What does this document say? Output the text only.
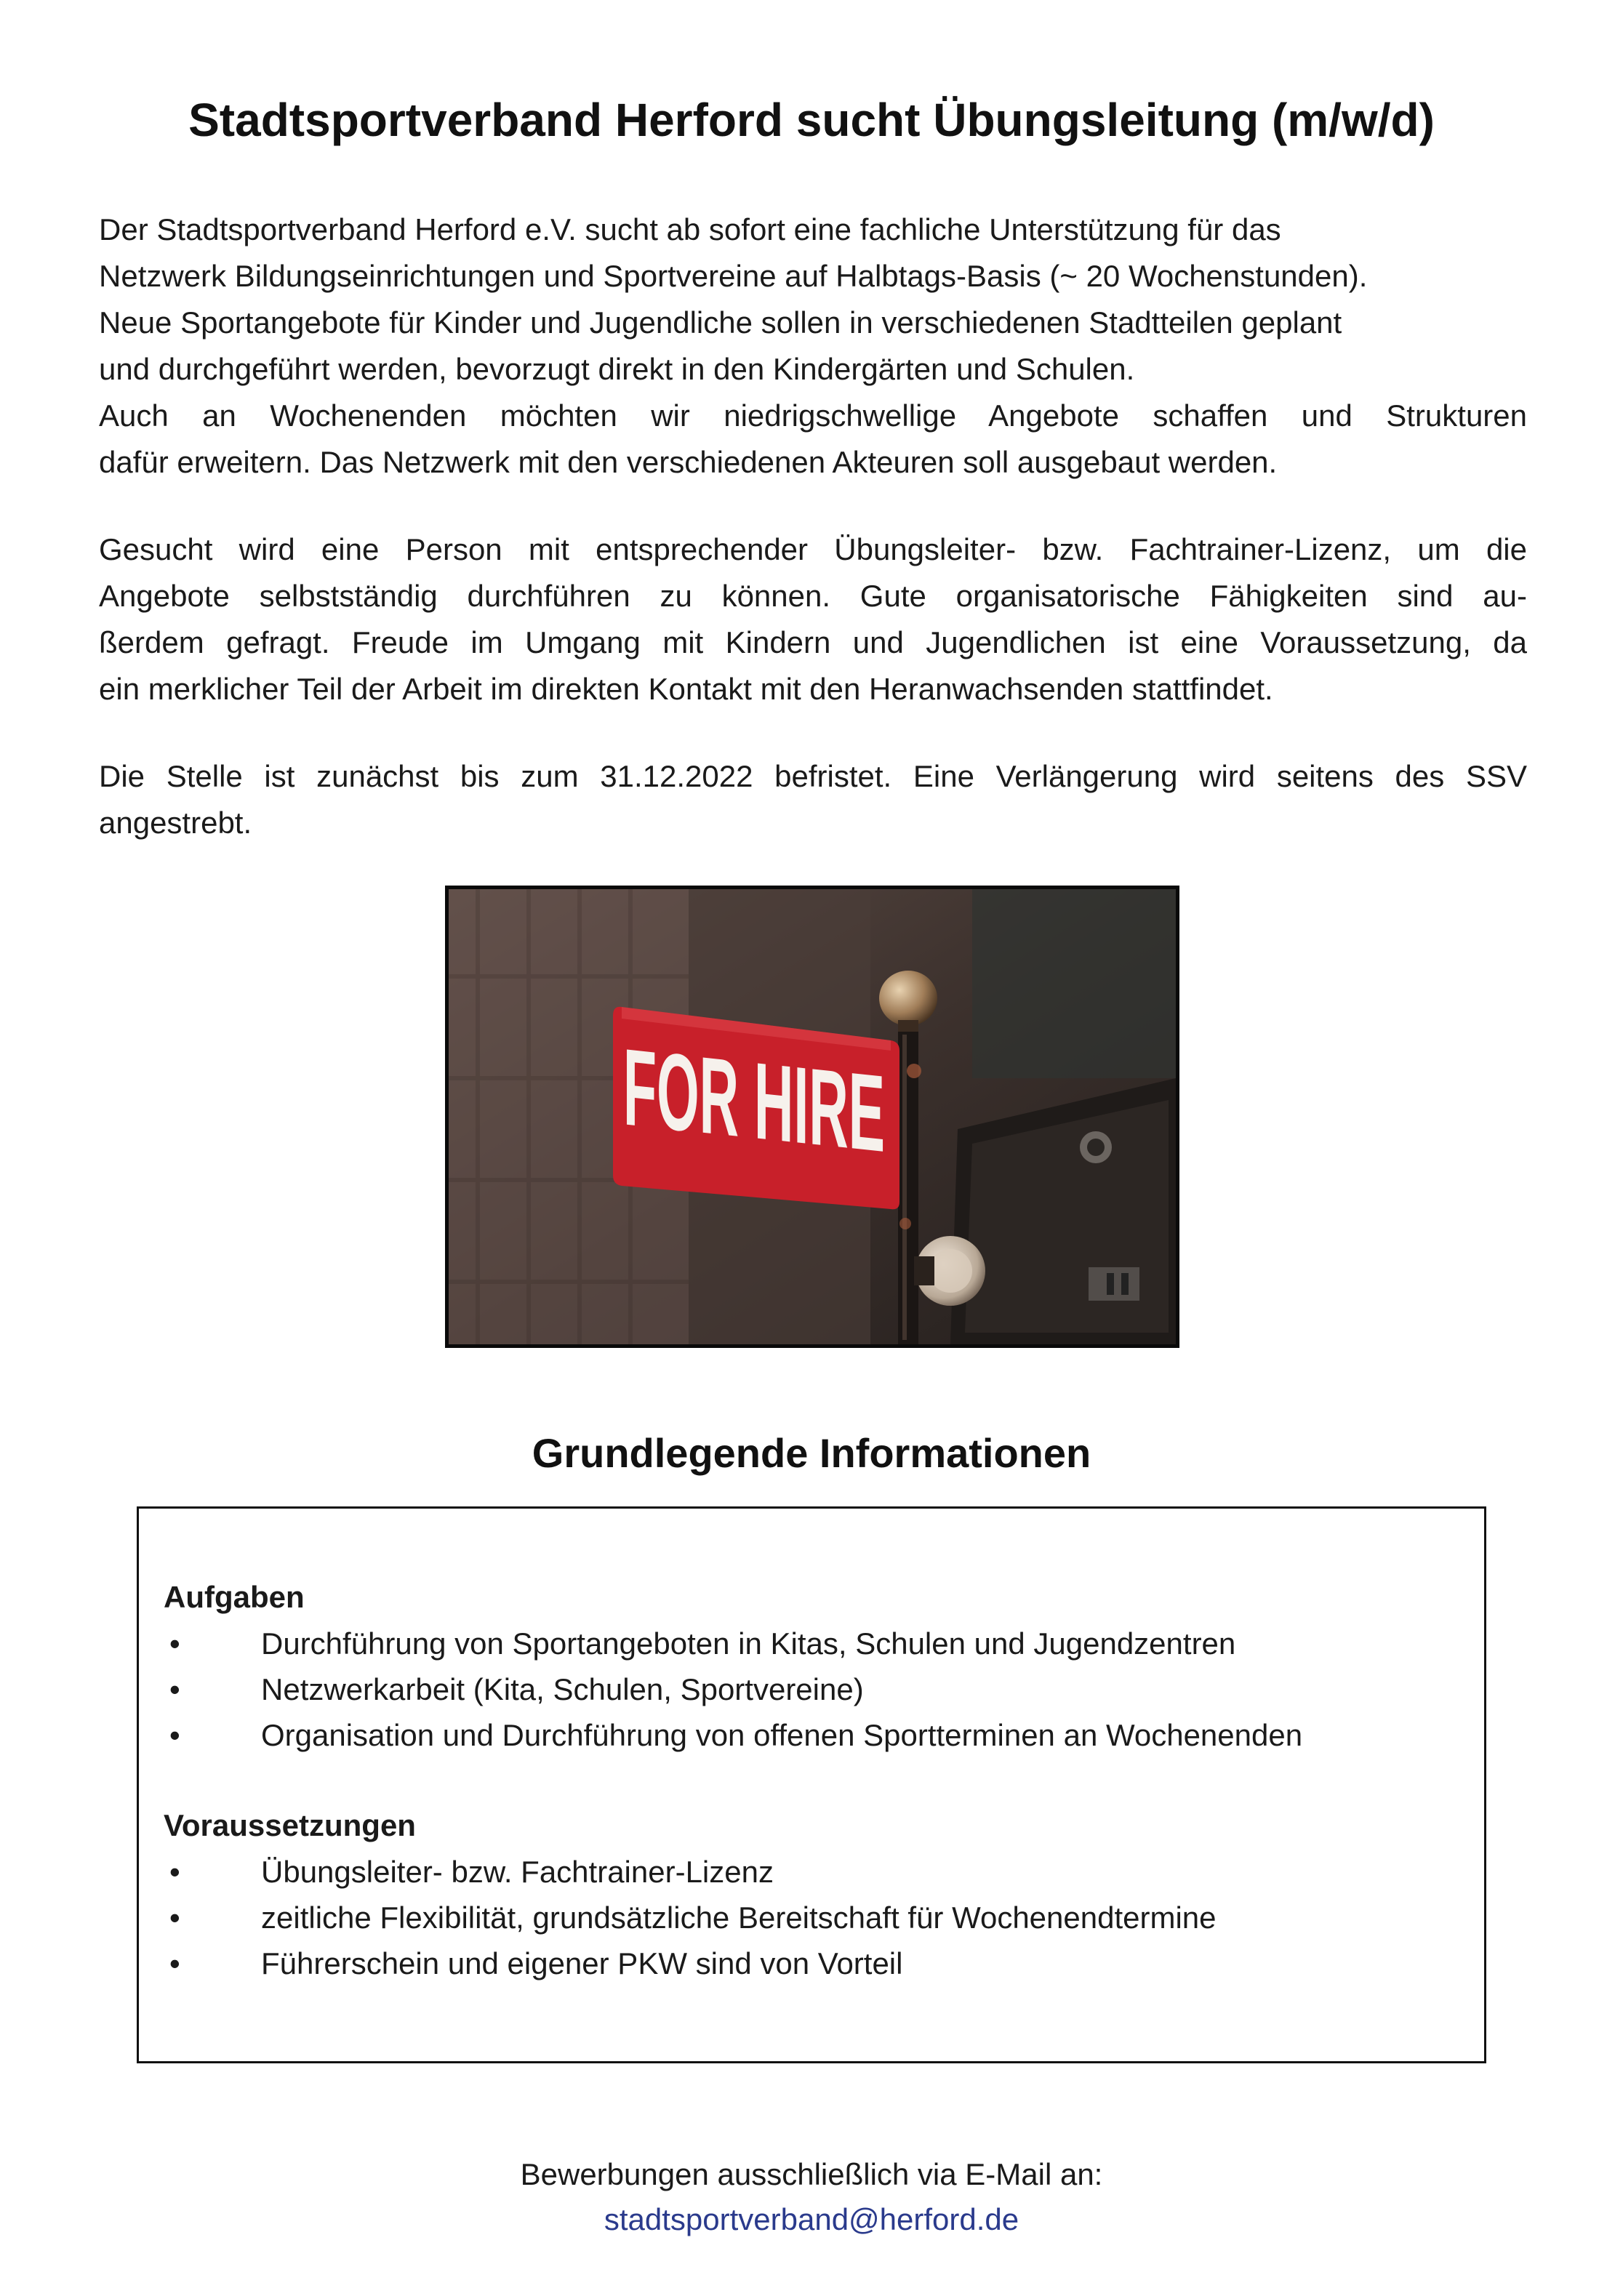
Stadtsportverband Herford sucht Übungsleitung (m/w/d)

Der Stadtsportverband Herford e.V. sucht ab sofort eine fachliche Unterstützung für das

Netzwerk Bildungseinrichtungen und Sportvereine auf Halbtags-Basis (~ 20 Wochenstunden).

Neue Sportangebote für Kinder und Jugendliche sollen in verschiedenen Stadtteilen geplant

und durchgeführt werden, bevorzugt direkt in den Kindergärten und Schulen.

Auch an Wochenenden möchten wir niedrigschwellige Angebote schaffen und Strukturen

dafür erweitern. Das Netzwerk mit den verschiedenen Akteuren soll ausgebaut werden.

Gesucht wird eine Person mit entsprechender Übungsleiter- bzw. Fachtrainer-Lizenz, um die

Angebote selbstständig durchführen zu können. Gute organisatorische Fähigkeiten sind au-

ßerdem gefragt. Freude im Umgang mit Kindern und Jugendlichen ist eine Voraussetzung, da

ein merklicher Teil der Arbeit im direkten Kontakt mit den Heranwachsenden stattfindet.

Die Stelle ist zunächst bis zum 31.12.2022 befristet. Eine Verlängerung wird seitens des SSV

angestrebt.

FOR HIRE
Grundlegende Informationen
Aufgaben
•	Durchführung von Sportangeboten in Kitas, Schulen und Jugendzentren
•	Netzwerkarbeit (Kita, Schulen, Sportvereine)
•	Organisation und Durchführung von offenen Sportterminen an Wochenenden
Voraussetzungen
•	Übungsleiter- bzw. Fachtrainer-Lizenz
•	zeitliche Flexibilität, grundsätzliche Bereitschaft für Wochenendtermine
•	Führerschein und eigener PKW sind von Vorteil
Bewerbungen ausschließlich via E-Mail an:
stadtsportverband@herford.de
